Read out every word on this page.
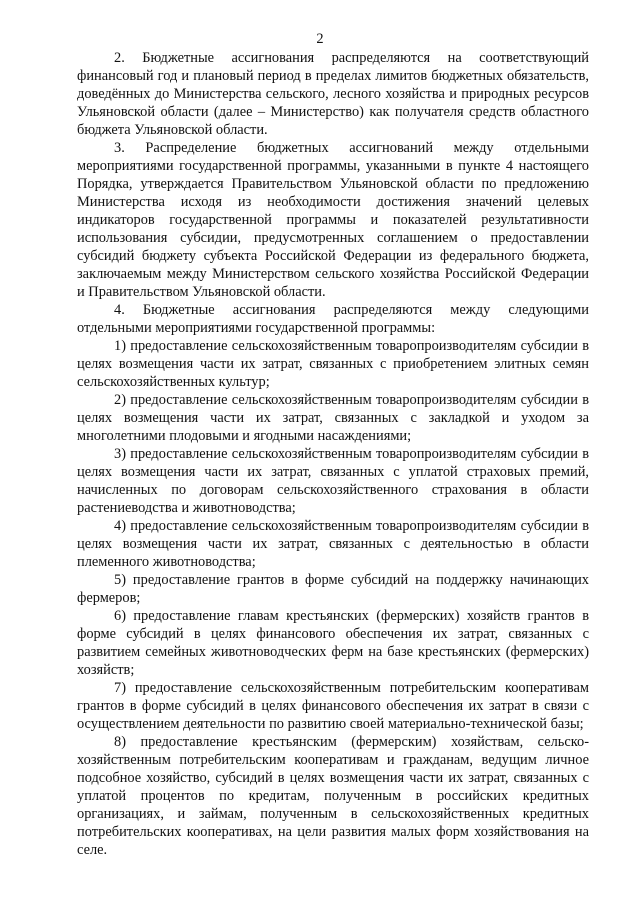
2

2. Бюджетные ассигнования распределяются на соответствующий финансовый год и плановый период в пределах лимитов бюджетных обязательств, доведённых до Министерства сельского, лесного хозяйства и природных ресурсов Ульяновской области (далее – Министерство) как получателя средств областного бюджета Ульяновской области.

3. Распределение бюджетных ассигнований между отдельными мероприятиями государственной программы, указанными в пункте 4 настоящего Порядка, утверждается Правительством Ульяновской области по предложению Министерства исходя из необходимости достижения значений целевых индикаторов государственной программы и показателей результативности использования субсидии, предусмотренных соглашением о предоставлении субсидий бюджету субъекта Российской Федерации из федерального бюджета, заключаемым между Министерством сельского хозяйства Российской Федерации и Правительством Ульяновской области.

4. Бюджетные ассигнования распределяются между следующими отдельными мероприятиями государственной программы:

1) предоставление сельскохозяйственным товаропроизводителям субсидии в целях возмещения части их затрат, связанных с приобретением элитных семян сельскохозяйственных культур;

2) предоставление сельскохозяйственным товаропроизводителям субсидии в целях возмещения части их затрат, связанных с закладкой и уходом за многолетними плодовыми и ягодными насаждениями;

3) предоставление сельскохозяйственным товаропроизводителям субсидии в целях возмещения части их затрат, связанных с уплатой страховых премий, начисленных по договорам сельскохозяйственного страхования в области растениеводства и животноводства;

4) предоставление сельскохозяйственным товаропроизводителям субсидии в целях возмещения части их затрат, связанных с деятельностью в области племенного животноводства;

5) предоставление грантов в форме субсидий на поддержку начинающих фермеров;

6) предоставление главам крестьянских (фермерских) хозяйств грантов в форме субсидий в целях финансового обеспечения их затрат, связанных с развитием семейных животноводческих ферм на базе крестьянских (фермерских) хозяйств;

7) предоставление сельскохозяйственным потребительским кооперативам грантов в форме субсидий в целях финансового обеспечения их затрат в связи с осуществлением деятельности по развитию своей материально-технической базы;

8) предоставление крестьянским (фермерским) хозяйствам, сельскохозяйственным потребительским кооперативам и гражданам, ведущим личное подсобное хозяйство, субсидий в целях возмещения части их затрат, связанных с уплатой процентов по кредитам, полученным в российских кредитных организациях, и займам, полученным в сельскохозяйственных кредитных потребительских кооперативах, на цели развития малых форм хозяйствования на селе.
